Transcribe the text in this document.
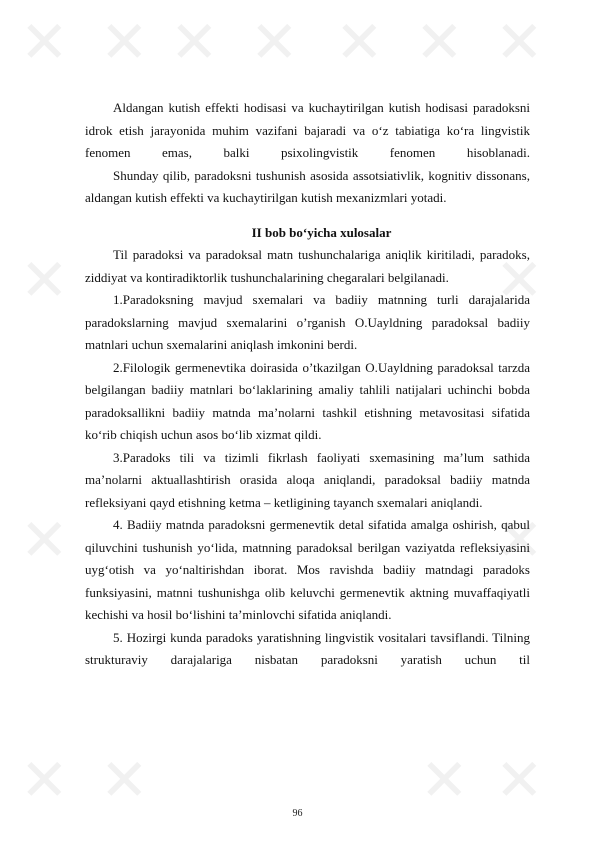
✕ ✕ ✕ ✕ ✕ ✕ ✕
✕	✕
✕	✕
✕ ✕	✕ ✕

Aldangan kutish effekti hodisasi va kuchaytirilgan kutish hodisasi paradoksni idrok etish jarayonida muhim vazifani bajaradi va o‘z tabiatiga ko‘ra lingvistik fenomen emas, balki psixolingvistik fenomen hisoblanadi.

Shunday qilib, paradoksni tushunish asosida assotsiativlik, kognitiv dissonans, aldangan kutish effekti va kuchaytirilgan kutish mexanizmlari yotadi.

II bob bo‘yicha xulosalar

Til paradoksi va paradoksal matn tushunchalariga aniqlik kiritiladi, paradoks, ziddiyat va kontiradiktorlik tushunchalarining chegaralari belgilanadi.

1.Paradoksning mavjud sxemalari va badiiy matnning turli darajalarida paradokslarning mavjud sxemalarini o’rganish O.Uayldning paradoksal badiiy matnlari uchun sxemalarini aniqlash imkonini berdi.

2.Filologik germenevtika doirasida o’tkazilgan O.Uayldning paradoksal tarzda belgilangan badiiy matnlari bo‘laklarining amaliy tahlili natijalari uchinchi bobda paradoksallikni badiiy matnda ma’nolarni tashkil etishning metavositasi sifatida ko‘rib chiqish uchun asos bo‘lib xizmat qildi.

3.Paradoks tili va tizimli fikrlash faoliyati sxemasining ma’lum sathida ma’nolarni aktuallashtirish orasida aloqa aniqlandi, paradoksal badiiy matnda refleksiyani qayd etishning ketma – ketligining tayanch sxemalari aniqlandi.

4. Badiiy matnda paradoksni germenevtik detal sifatida amalga oshirish, qabul qiluvchini tushunish yo‘lida, matnning paradoksal berilgan vaziyatda refleksiyasini uyg‘otish va yo‘naltirishdan iborat. Mos ravishda badiiy matndagi paradoks funksiyasini, matnni tushunishga olib keluvchi germenevtik aktning muvaffaqiyatli kechishi va hosil bo‘lishini ta’minlovchi sifatida aniqlandi.

5. Hozirgi kunda paradoks yaratishning lingvistik vositalari tavsiflandi. Tilning strukturaviy darajalariga nisbatan paradoksni yaratish uchun til

96
